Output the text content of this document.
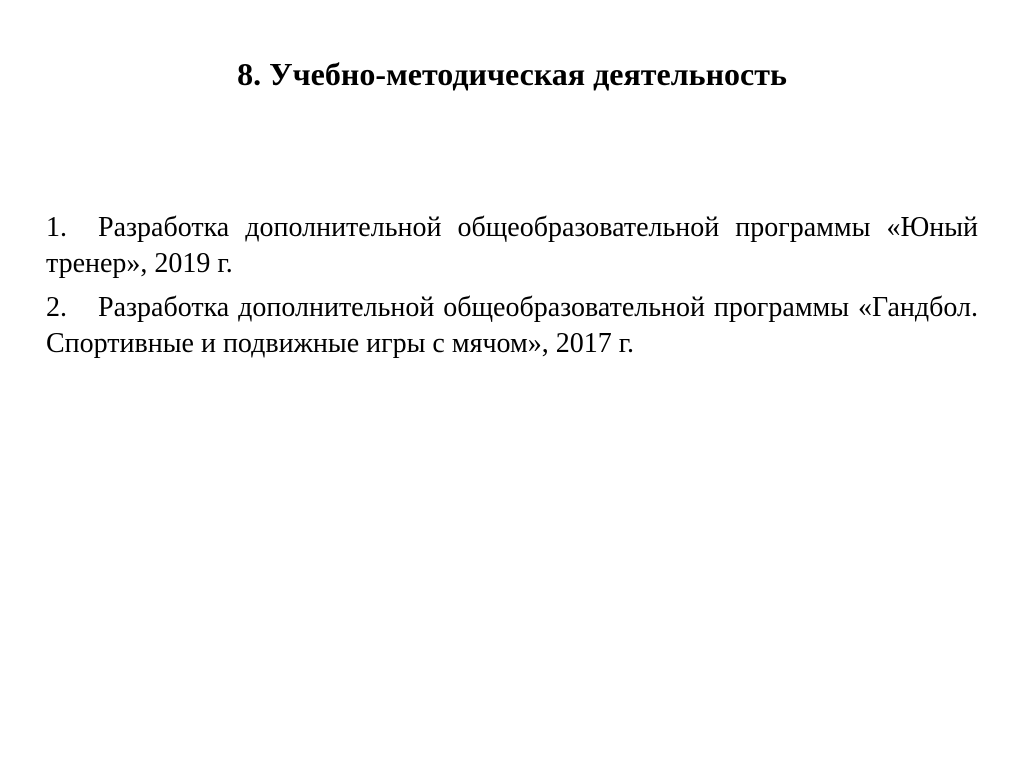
8. Учебно-методическая деятельность
1. Разработка дополнительной общеобразовательной программы «Юный тренер», 2019 г.
2. Разработка дополнительной общеобразовательной программы «Гандбол. Спортивные и подвижные игры с мячом», 2017 г.
